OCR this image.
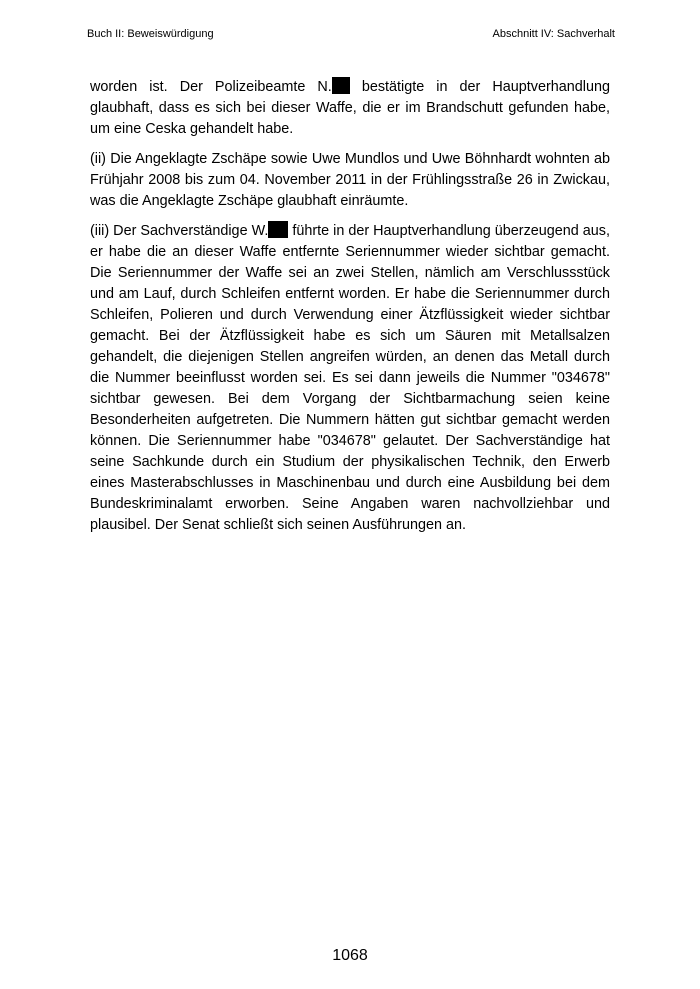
Buch II: Beweiswürdigung	Abschnitt IV: Sachverhalt

worden ist. Der Polizeibeamte N. bestätigte in der Hauptverhandlung glaubhaft, dass es sich bei dieser Waffe, die er im Brandschutt gefunden habe, um eine Ceska gehandelt habe.

(ii) Die Angeklagte Zschäpe sowie Uwe Mundlos und Uwe Böhnhardt wohnten ab Frühjahr 2008 bis zum 04. November 2011 in der Frühlingsstraße 26 in Zwickau, was die Angeklagte Zschäpe glaubhaft einräumte.

(iii) Der Sachverständige W. führte in der Hauptverhandlung überzeugend aus, er habe die an dieser Waffe entfernte Seriennummer wieder sichtbar gemacht. Die Seriennummer der Waffe sei an zwei Stellen, nämlich am Verschlussstück und am Lauf, durch Schleifen entfernt worden. Er habe die Seriennummer durch Schleifen, Polieren und durch Verwendung einer Ätzflüssigkeit wieder sichtbar gemacht. Bei der Ätzflüssigkeit habe es sich um Säuren mit Metallsalzen gehandelt, die diejenigen Stellen angreifen würden, an denen das Metall durch die Nummer beeinflusst worden sei. Es sei dann jeweils die Nummer "034678" sichtbar gewesen. Bei dem Vorgang der Sichtbarmachung seien keine Besonderheiten aufgetreten. Die Nummern hätten gut sichtbar gemacht werden können. Die Seriennummer habe "034678" gelautet. Der Sachverständige hat seine Sachkunde durch ein Studium der physikalischen Technik, den Erwerb eines Masterabschlusses in Maschinenbau und durch eine Ausbildung bei dem Bundeskriminalamt erworben. Seine Angaben waren nachvollziehbar und plausibel. Der Senat schließt sich seinen Ausführungen an.

1068
